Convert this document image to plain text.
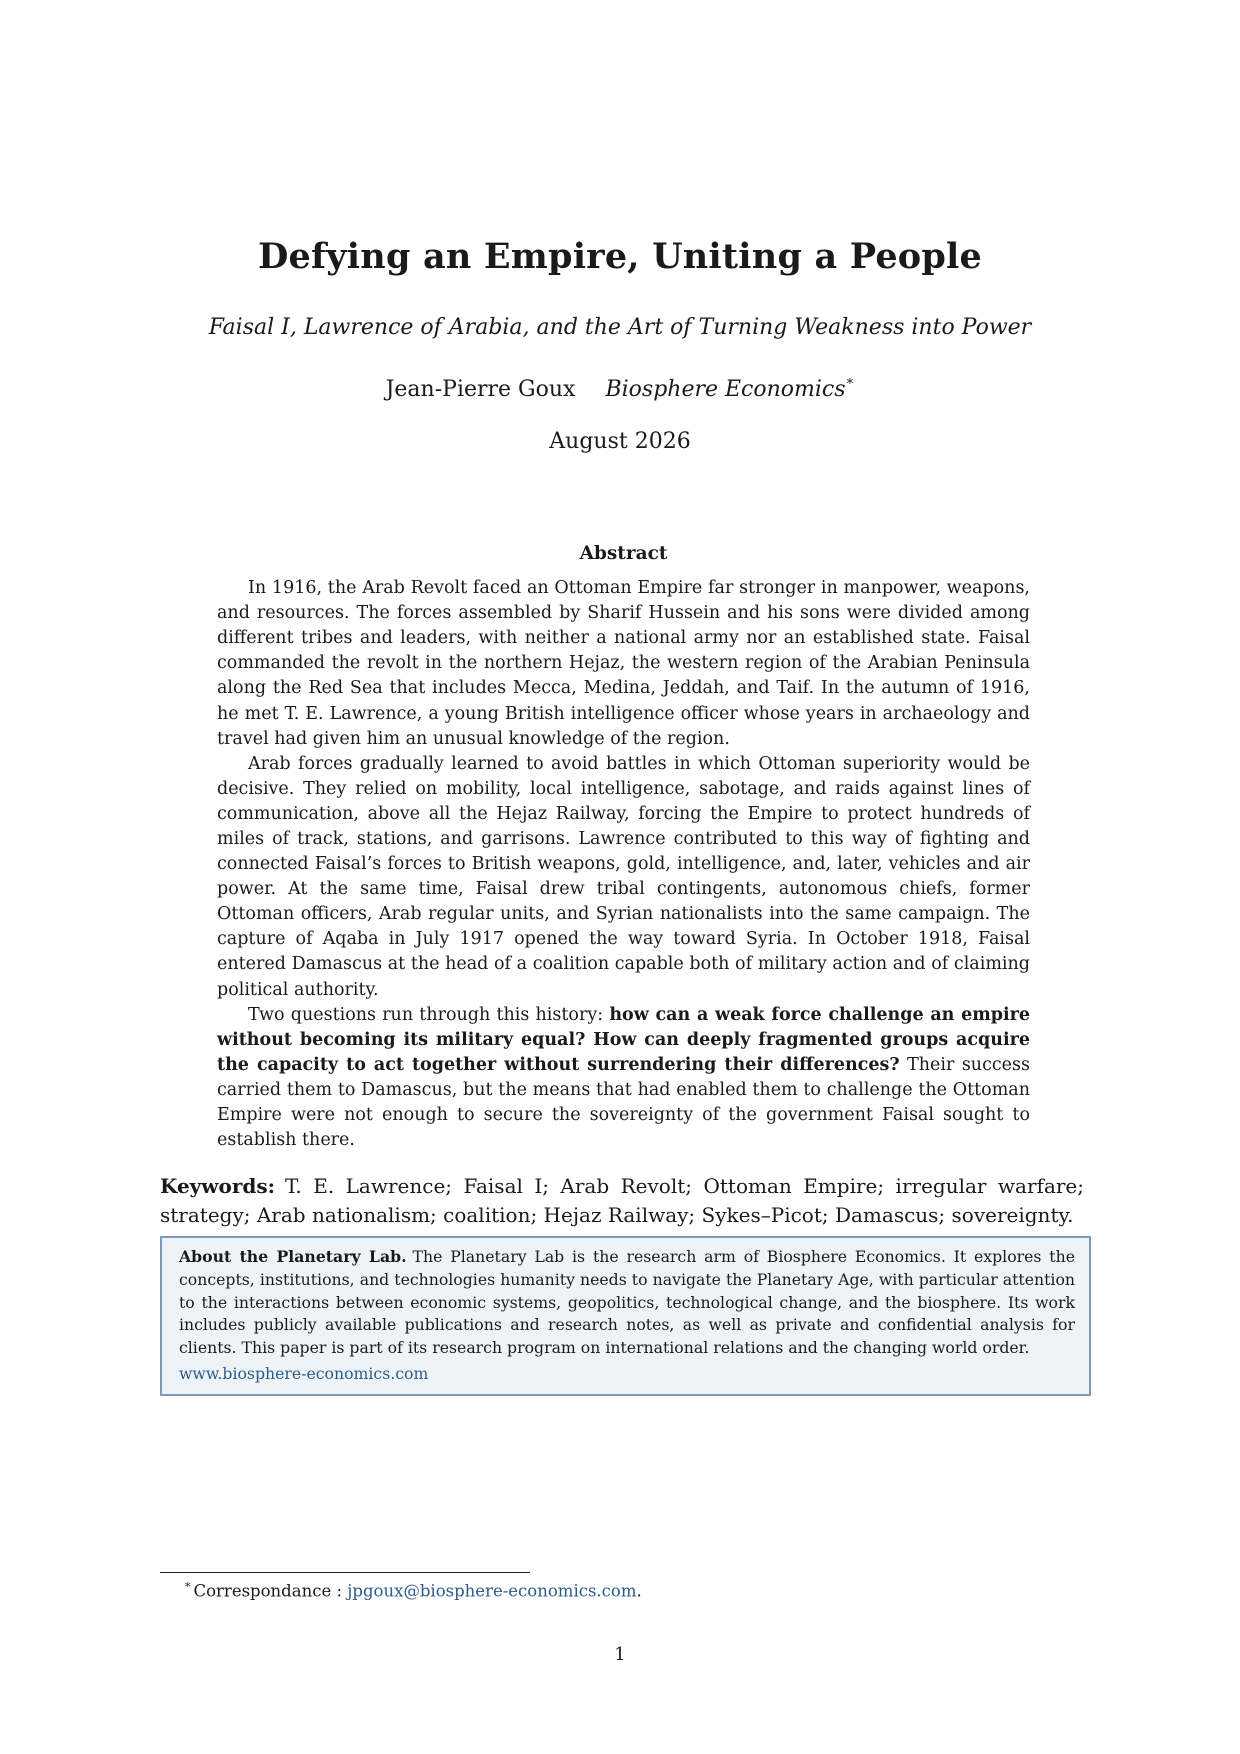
Defying an Empire, Uniting a People
Faisal I, Lawrence of Arabia, and the Art of Turning Weakness into Power
Jean-Pierre Goux Biosphere Economics∗
August 2026
Abstract

In 1916, the Arab Revolt faced an Ottoman Empire far stronger in manpower, weapons, and resources. The forces assembled by Sharif Hussein and his sons were divided among different tribes and leaders, with neither a national army nor an established state. Faisal commanded the revolt in the northern Hejaz, the western region of the Arabian Peninsula along the Red Sea that includes Mecca, Medina, Jeddah, and Taif. In the autumn of 1916, he met T. E. Lawrence, a young British intelligence officer whose years in archaeology and travel had given him an unusual knowledge of the region.

Arab forces gradually learned to avoid battles in which Ottoman superiority would be decisive. They relied on mobility, local intelligence, sabotage, and raids against lines of communication, above all the Hejaz Railway, forcing the Empire to protect hundreds of miles of track, stations, and garrisons. Lawrence contributed to this way of fighting and connected Faisal’s forces to British weapons, gold, intelligence, and, later, vehicles and air power. At the same time, Faisal drew tribal contingents, autonomous chiefs, former Ottoman officers, Arab regular units, and Syrian nationalists into the same campaign. The capture of Aqaba in July 1917 opened the way toward Syria. In October 1918, Faisal entered Damascus at the head of a coalition capable both of military action and of claiming political authority.

Two questions run through this history: how can a weak force challenge an empire without becoming its military equal? How can deeply fragmented groups acquire the capacity to act together without surrendering their differences? Their success carried them to Damascus, but the means that had enabled them to challenge the Ottoman Empire were not enough to secure the sovereignty of the government Faisal sought to establish there.

Keywords: T. E. Lawrence; Faisal I; Arab Revolt; Ottoman Empire; irregular warfare; strategy; Arab nationalism; coalition; Hejaz Railway; Sykes–Picot; Damascus; sovereignty.

About the Planetary Lab. The Planetary Lab is the research arm of Biosphere Economics. It explores the concepts, institutions, and technologies humanity needs to navigate the Planetary Age, with particular attention to the interactions between economic systems, geopolitics, technological change, and the biosphere. Its work includes publicly available publications and research notes, as well as private and confidential analysis for clients. This paper is part of its research program on international relations and the changing world order.

www.biosphere-economics.com
∗ Correspondance : jpgoux@biosphere-economics.com.
1
